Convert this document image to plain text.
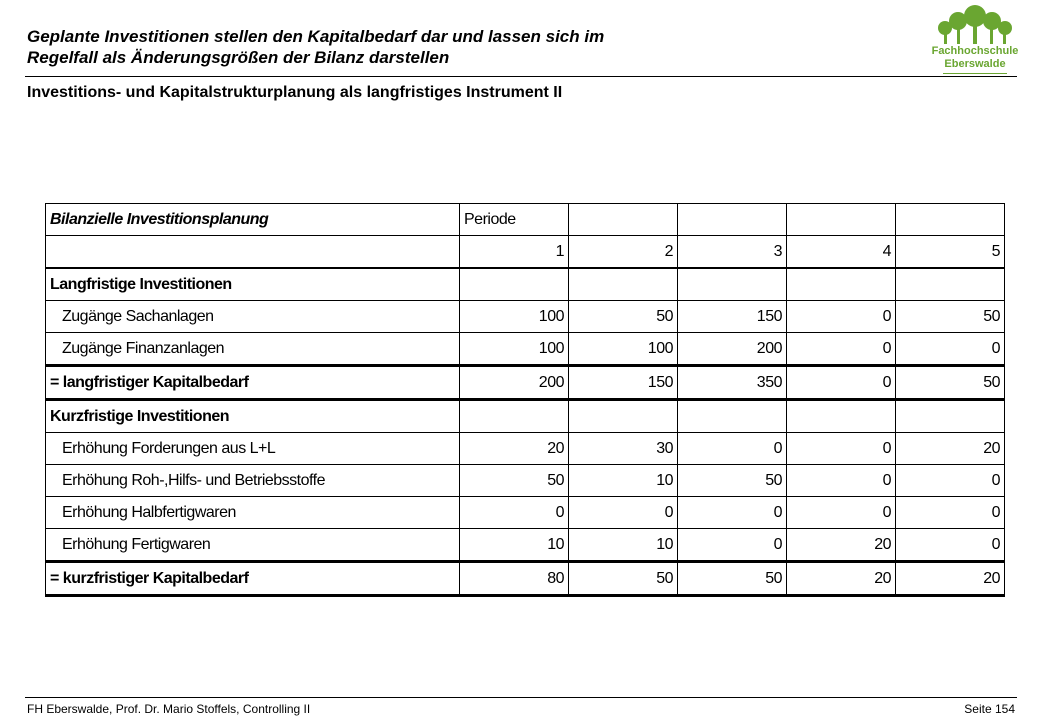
Geplante Investitionen stellen den Kapitalbedarf dar und lassen sich im
Regelfall als Änderungsgrößen der Bilanz darstellen	Fachhochschule
Eberswalde
Investitions- und Kapitalstrukturplanung als langfristiges Instrument II
Bilanzielle Investitionsplanung	Periode				
	1	2	3	4	5
Langfristige Investitionen					
Zugänge Sachanlagen	100	50	150	0	50
Zugänge Finanzanlagen	100	100	200	0	0
= langfristiger Kapitalbedarf	200	150	350	0	50
Kurzfristige Investitionen					
Erhöhung Forderungen aus L+L	20	30	0	0	20
Erhöhung Roh-,Hilfs- und Betriebsstoffe	50	10	50	0	0
Erhöhung Halbfertigwaren	0	0	0	0	0
Erhöhung Fertigwaren	10	10	0	20	0
= kurzfristiger Kapitalbedarf	80	50	50	20	20
FH Eberswalde, Prof. Dr. Mario Stoffels, Controlling II	Seite 154
